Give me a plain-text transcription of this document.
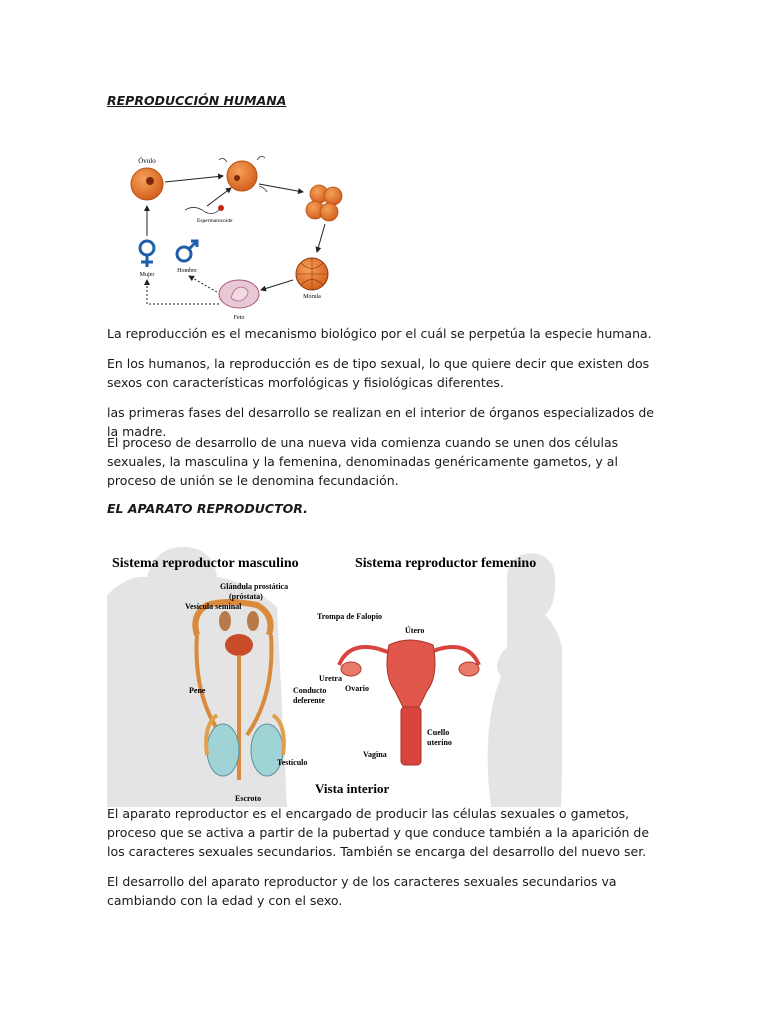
REPRODUCCIÓN HUMANA

Óvulo
Espermatozoide
Mórula
Feto
Mujer
Hombre

La reproducción es el mecanismo biológico por el cuál se perpetúa la especie humana.

En los humanos, la reproducción es de tipo sexual, lo que quiere decir que existen dos sexos con características morfológicas y fisiológicas diferentes.

las primeras fases del desarrollo se realizan en el interior de órganos especializados de la madre.

El proceso de desarrollo de una nueva vida comienza cuando se unen dos células sexuales, la masculina y la femenina, denominadas genéricamente gametos, y al proceso de unión se le denomina fecundación.

EL APARATO REPRODUCTOR.

Sistema reproductor masculino	Sistema reproductor femenino
Glándula prostática
(próstata)
Vesícula seminal
Pene	Conducto
deferente
Testículo
Escroto
Trompa de Falopio
Útero
Uretra
Ovario
Cuello
uterino
Vagina
Vista interior

El aparato reproductor es el encargado de producir las células sexuales o gametos, proceso que se activa a partir de la pubertad y que conduce también a la aparición de los caracteres sexuales secundarios. También se encarga del desarrollo del nuevo ser.

El desarrollo del aparato reproductor y de los caracteres sexuales secundarios va cambiando con la edad y con el sexo.
